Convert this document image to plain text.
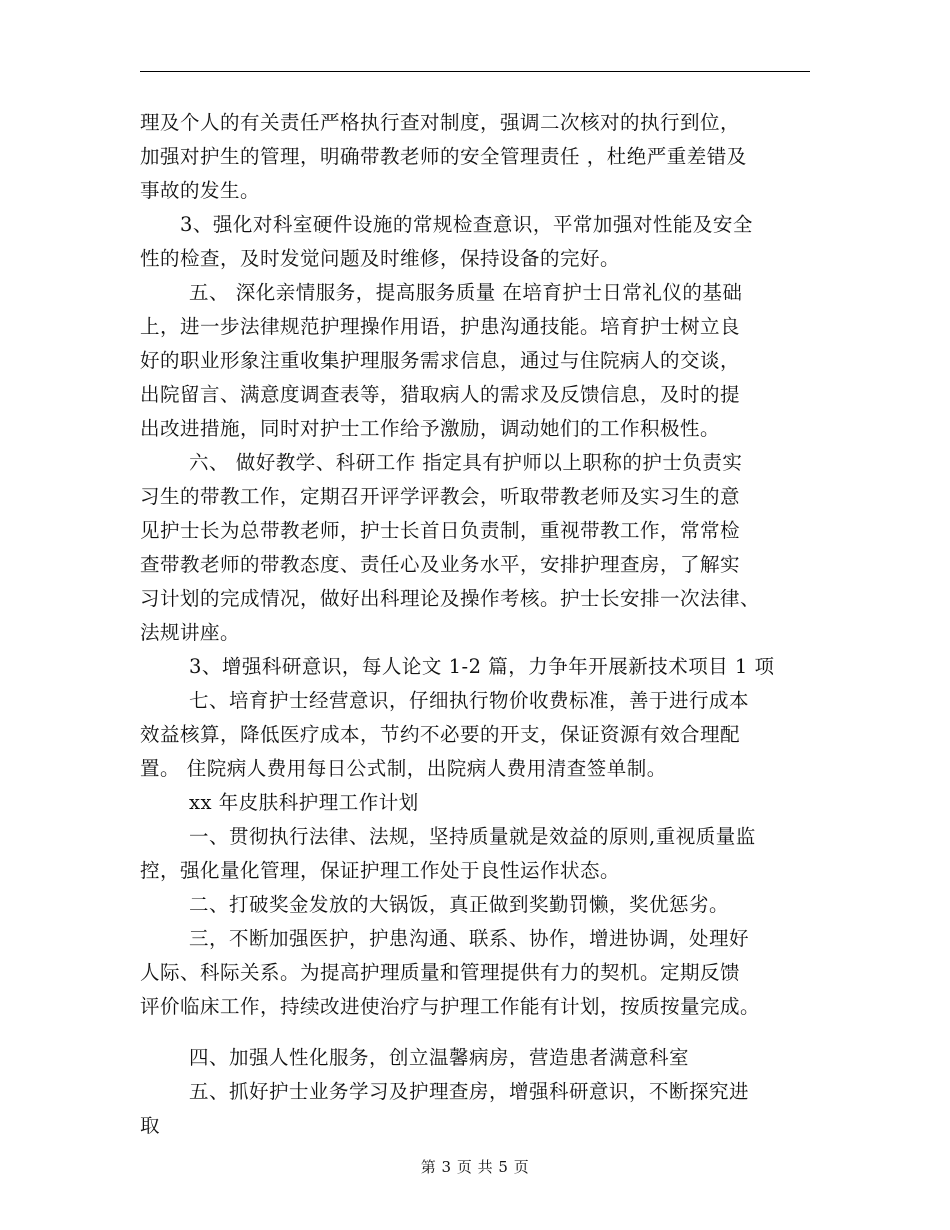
理及个人的有关责任严格执行查对制度，强调二次核对的执行到位，
加强对护生的管理，明确带教老师的安全管理责任 ，杜绝严重差错及
事故的发生。
3、强化对科室硬件设施的常规检查意识，平常加强对性能及安全
性的检查，及时发觉问题及时维修，保持设备的完好。
五、 深化亲情服务，提高服务质量 在培育护士日常礼仪的基础
上，进一步法律规范护理操作用语，护患沟通技能。培育护士树立良
好的职业形象注重收集护理服务需求信息，通过与住院病人的交谈，
出院留言、满意度调查表等，猎取病人的需求及反馈信息，及时的提
出改进措施，同时对护士工作给予激励，调动她们的工作积极性。
六、 做好教学、科研工作 指定具有护师以上职称的护士负责实
习生的带教工作，定期召开评学评教会，听取带教老师及实习生的意
见护士长为总带教老师，护士长首日负责制，重视带教工作，常常检
查带教老师的带教态度、责任心及业务水平，安排护理查房，了解实
习计划的完成情况，做好出科理论及操作考核。护士长安排一次法律、
法规讲座。
3、增强科研意识，每人论文 1-2 篇，力争年开展新技术项目 1 项
七、培育护士经营意识，仔细执行物价收费标准，善于进行成本
效益核算，降低医疗成本，节约不必要的开支，保证资源有效合理配
置。 住院病人费用每日公式制，出院病人费用清查签单制。
xx 年皮肤科护理工作计划
一、贯彻执行法律、法规，坚持质量就是效益的原则,重视质量监
控，强化量化管理，保证护理工作处于良性运作状态。
二、打破奖金发放的大锅饭，真正做到奖勤罚懒，奖优惩劣。
三，不断加强医护，护患沟通、联系、协作，增进协调，处理好
人际、科际关系。为提高护理质量和管理提供有力的契机。定期反馈
评价临床工作，持续改进使治疗与护理工作能有计划，按质按量完成。
四、加强人性化服务，创立温馨病房，营造患者满意科室
五、抓好护士业务学习及护理查房，增强科研意识，不断探究进
取
第 3 页 共 5 页
